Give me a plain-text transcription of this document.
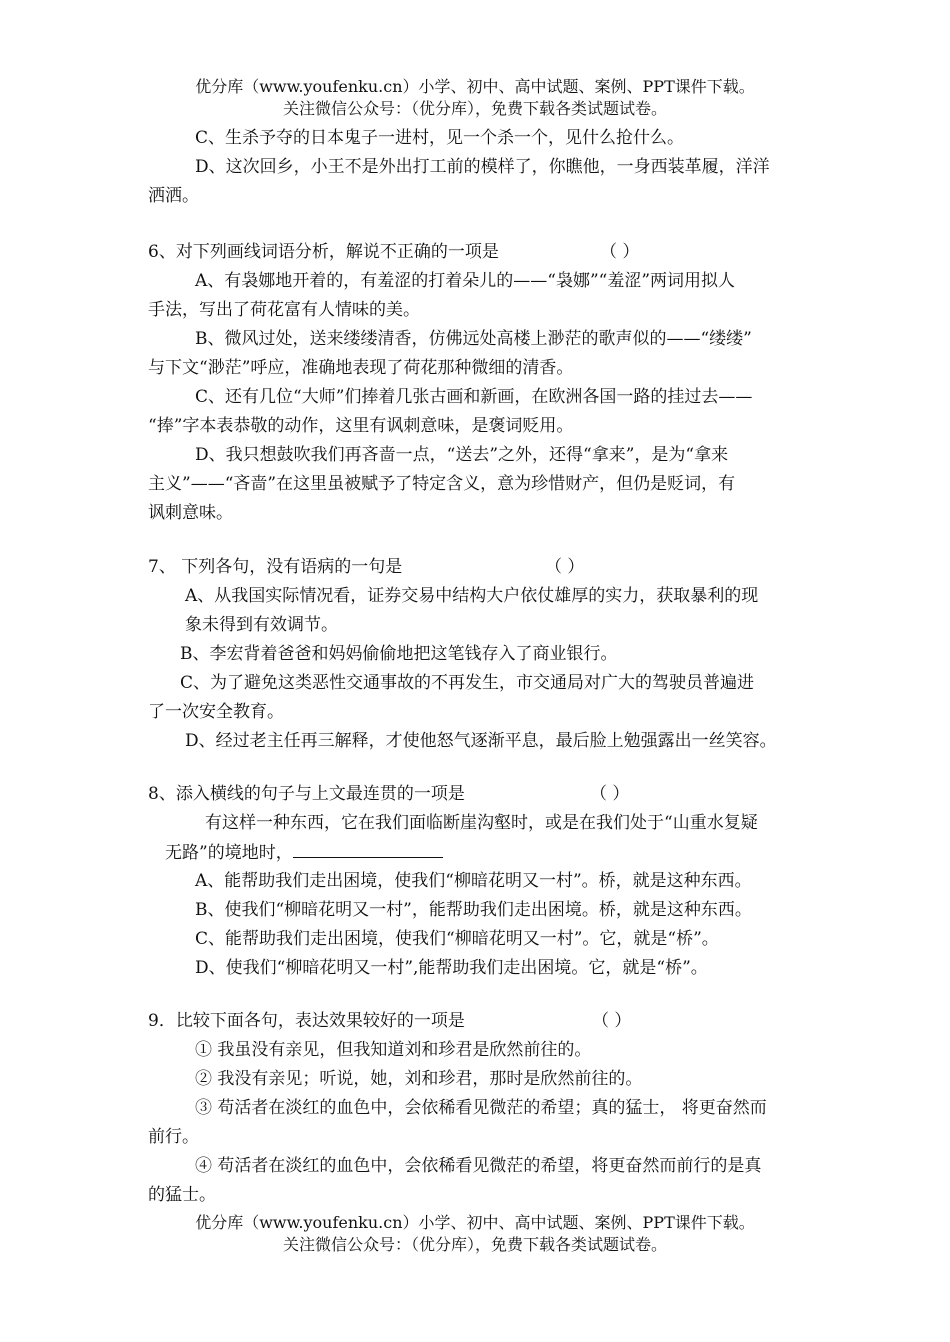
优分库（www.youfenku.cn）小学、初中、高中试题、案例、PPT课件下载。
关注微信公众号：（优分库），免费下载各类试题试卷。
C、生杀予夺的日本鬼子一进村，见一个杀一个，见什么抢什么。
D、这次回乡，小王不是外出打工前的模样了，你瞧他，一身西装革履，洋洋
洒洒。
6、对下列画线词语分析，解说不正确的一项是	（ ）
A、有袅娜地开着的，有羞涩的打着朵儿的——“袅娜”“羞涩”两词用拟人
手法，写出了荷花富有人情味的美。
B、微风过处，送来缕缕清香，仿佛远处高楼上渺茫的歌声似的——“缕缕”
与下文“渺茫”呼应，准确地表现了荷花那种微细的清香。
C、还有几位“大师”们捧着几张古画和新画，在欧洲各国一路的挂过去——
“捧”字本表恭敬的动作，这里有讽刺意味，是褒词贬用。
D、我只想鼓吹我们再吝啬一点，“送去”之外，还得“拿来”，是为“拿来
主义”——“吝啬”在这里虽被赋予了特定含义，意为珍惜财产，但仍是贬词，有
讽刺意味。
7、 下列各句，没有语病的一句是	（ ）
A、从我国实际情况看，证券交易中结构大户依仗雄厚的实力，获取暴利的现
象未得到有效调节。
B、李宏背着爸爸和妈妈偷偷地把这笔钱存入了商业银行。
C、为了避免这类恶性交通事故的不再发生，市交通局对广大的驾驶员普遍进
了一次安全教育。
D、经过老主任再三解释，才使他怒气逐渐平息，最后脸上勉强露出一丝笑容。
8、添入横线的句子与上文最连贯的一项是	（ ）
有这样一种东西，它在我们面临断崖沟壑时，或是在我们处于“山重水复疑
无路”的境地时，
A、能帮助我们走出困境，使我们“柳暗花明又一村”。桥，就是这种东西。
B、使我们“柳暗花明又一村”，能帮助我们走出困境。桥，就是这种东西。
C、能帮助我们走出困境，使我们“柳暗花明又一村”。它，就是“桥”。
D、使我们“柳暗花明又一村”,能帮助我们走出困境。它，就是“桥”。
9．比较下面各句，表达效果较好的一项是	（ ）
① 我虽没有亲见，但我知道刘和珍君是欣然前往的。
② 我没有亲见；听说，她，刘和珍君，那时是欣然前往的。
③ 苟活者在淡红的血色中，会依稀看见微茫的希望；真的猛士， 将更奋然而
前行。
④ 苟活者在淡红的血色中，会依稀看见微茫的希望，将更奋然而前行的是真
的猛士。
优分库（www.youfenku.cn）小学、初中、高中试题、案例、PPT课件下载。
关注微信公众号：（优分库），免费下载各类试题试卷。
